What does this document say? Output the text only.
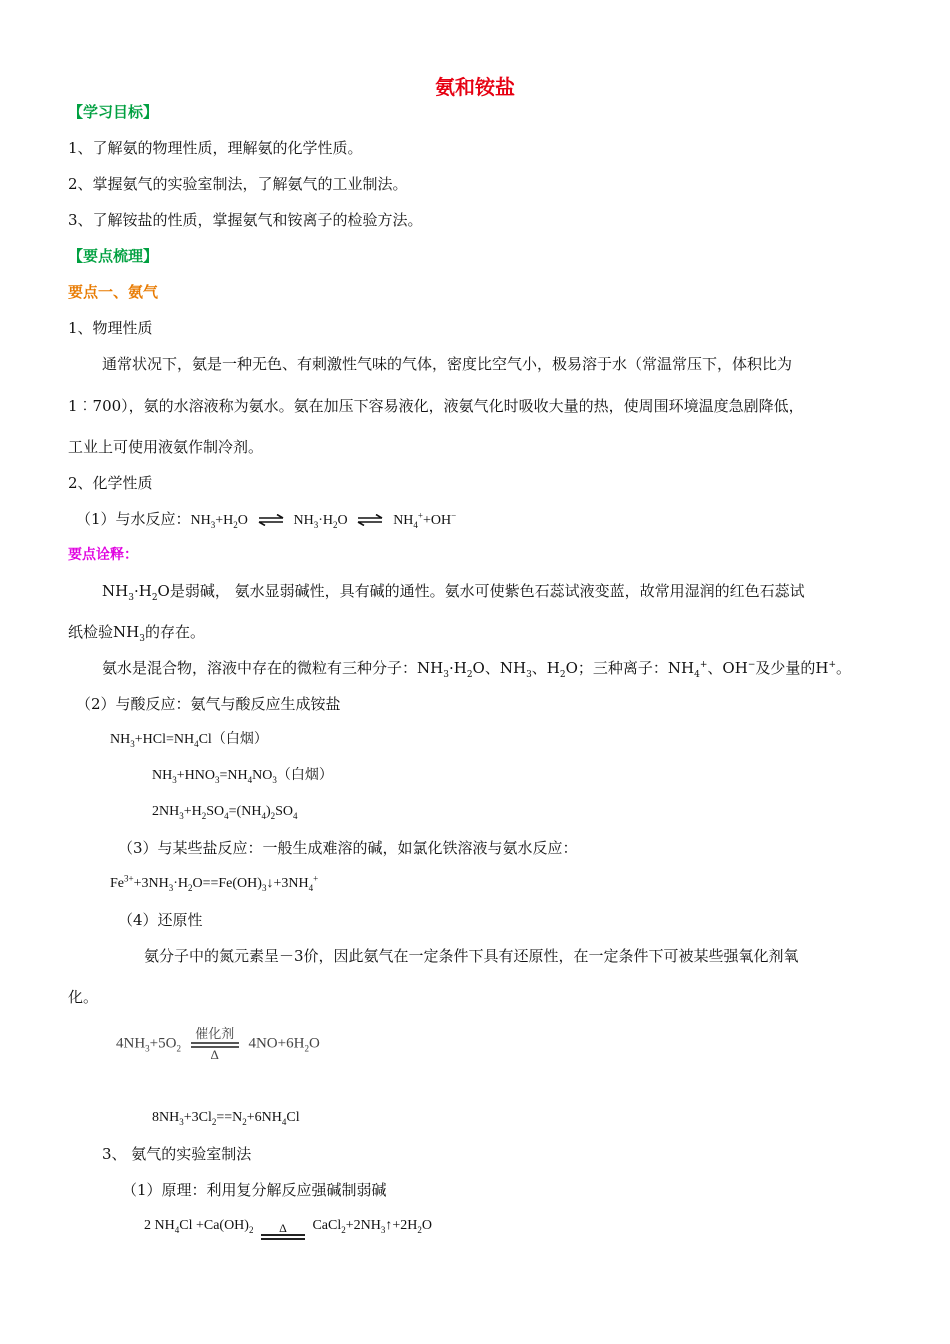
氨和铵盐
【学习目标】
1、了解氨的物理性质，理解氨的化学性质。
2、掌握氨气的实验室制法，了解氨气的工业制法。
3、了解铵盐的性质，掌握氨气和铵离子的检验方法。
【要点梳理】
要点一、氨气
1、物理性质
通常状况下，氨是一种无色、有刺激性气味的气体，密度比空气小，极易溶于水（常温常压下，体积比为
1︰700），氨的水溶液称为氨水。氨在加压下容易液化，液氨气化时吸收大量的热，使周围环境温度急剧降低，
工业上可使用液氨作制冷剂。
2、化学性质
（1）与水反应：$NH_3+H_2O$ ⇌ $NH_3\cdot H_2O$ ⇌ $NH_4^++OH^-$
要点诠释：
$NH_3\cdot H_2O$是弱碱， 氨水显弱碱性，具有碱的通性。氨水可使紫色石蕊试液变蓝，故常用湿润的红色石蕊试
纸检验$NH_3$的存在。
氨水是混合物，溶液中存在的微粒有三种分子：$NH_3\cdot H_2O$、$NH_3$、$H_2O$；三种离子：$NH_4^+$、OH−及少量的H+。
（2）与酸反应：氨气与酸反应生成铵盐
$NH_3+HCl=NH_4Cl$（白烟）
$NH_3+HNO_3=NH_4NO_3$（白烟）
$2NH_3+H_2SO_4=(NH_4)_2SO_4$
（3）与某些盐反应：一般生成难溶的碱，如氯化铁溶液与氨水反应：
$Fe^{3+}+3NH_3\cdot H_2O==Fe(OH)_3↓+3NH_4^+$
（4）还原性
氨分子中的氮元素呈－3价，因此氨气在一定条件下具有还原性，在一定条件下可被某些强氧化剂氧
化。
$4NH_3+5O_2$
催化剂
Δ
$4NO+6H_2O$
$8NH_3+3Cl_2==N_2+6NH_4Cl$
3、 氨气的实验室制法
（1）原理：利用复分解反应强碱制弱碱
2 $NH_4Cl +Ca(OH)_2$ Δ $CaCl_2+2NH_3↑+2H_2O$
